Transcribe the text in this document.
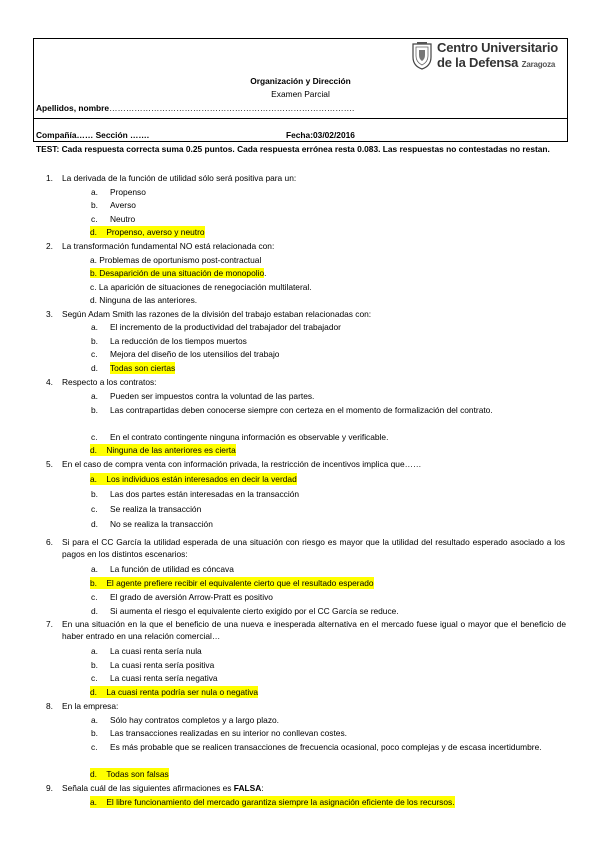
Centro Universitario
de la Defensa Zaragoza
Organización y Dirección
Examen Parcial
Apellidos, nombre…………………………………………………………………………….
Compañía…… Sección …….	Fecha:03/02/2016
TEST: Cada respuesta correcta suma 0.25 puntos. Cada respuesta errónea resta 0.083. Las respuestas no contestadas no restan.
1. La derivada de la función de utilidad sólo será positiva para un:
a. Propenso
b. Averso
c. Neutro
d. Propenso, averso y neutro
2. La transformación fundamental NO está relacionada con:
a. Problemas de oportunismo post-contractual
b. Desaparición de una situación de monopolio.
c. La aparición de situaciones de renegociación multilateral.
d. Ninguna de las anteriores.
3. Según Adam Smith las razones de la división del trabajo estaban relacionadas con:
a. El incremento de la productividad del trabajador del trabajador
b. La reducción de los tiempos muertos
c. Mejora del diseño de los utensilios del trabajo
d. Todas son ciertas
4. Respecto a los contratos:
a. Pueden ser impuestos contra la voluntad de las partes.
b. Las contrapartidas deben conocerse siempre con certeza en el momento de formalización del contrato.
c. En el contrato contingente ninguna información es observable y verificable.
d. Ninguna de las anteriores es cierta
5. En el caso de compra venta con información privada, la restricción de incentivos implica que……
a. Los individuos están interesados en decir la verdad
b. Las dos partes están interesadas en la transacción
c. Se realiza la transacción
d. No se realiza la transacción
6. Si para el CC García la utilidad esperada de una situación con riesgo es mayor que la utilidad del resultado esperado asociado a los pagos en los distintos escenarios:
a. La función de utilidad es cóncava
b. El agente prefiere recibir el equivalente cierto que el resultado esperado
c. El grado de aversión Arrow-Pratt es positivo
d. Si aumenta el riesgo el equivalente cierto exigido por el CC García se reduce.
7. En una situación en la que el beneficio de una nueva e inesperada alternativa en el mercado fuese igual o mayor que el beneficio de haber entrado en una relación comercial…
a. La cuasi renta sería nula
b. La cuasi renta sería positiva
c. La cuasi renta sería negativa
d. La cuasi renta podría ser nula o negativa
8. En la empresa:
a. Sólo hay contratos completos y a largo plazo.
b. Las transacciones realizadas en su interior no conllevan costes.
c. Es más probable que se realicen transacciones de frecuencia ocasional, poco complejas y de escasa incertidumbre.
d. Todas son falsas
9. Señala cuál de las siguientes afirmaciones es FALSA:
a. El libre funcionamiento del mercado garantiza siempre la asignación eficiente de los recursos.
